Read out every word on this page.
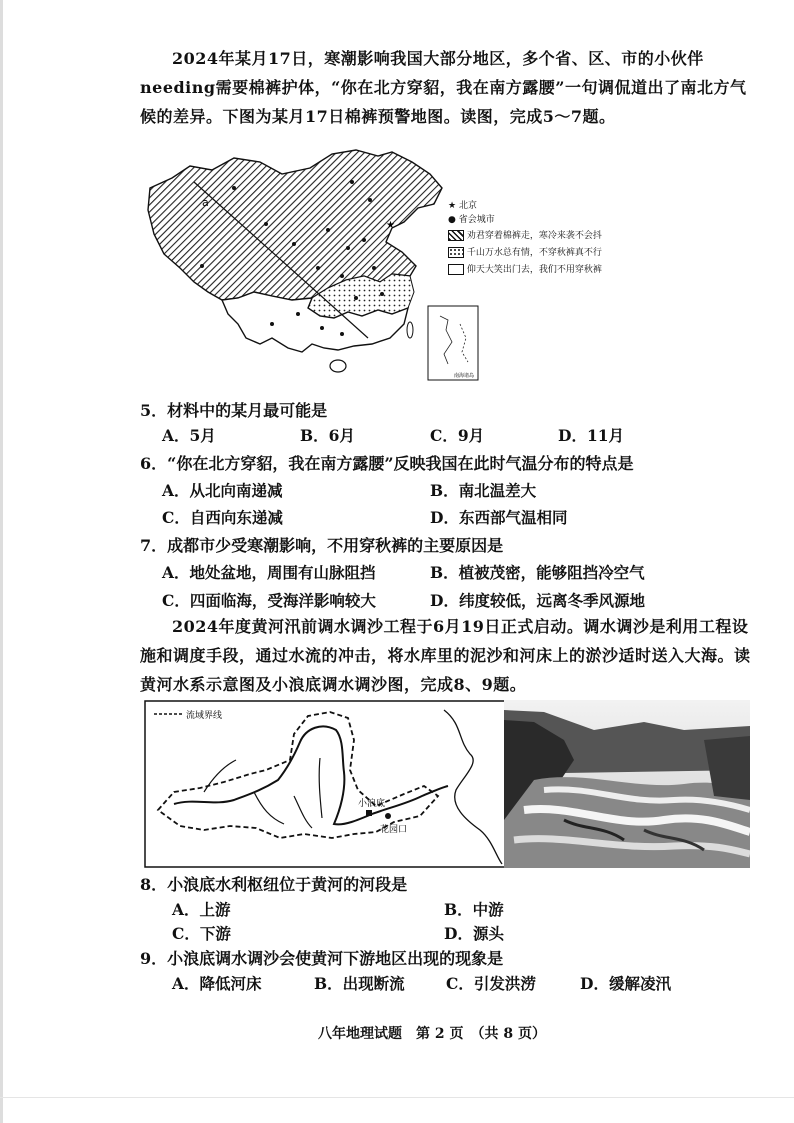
2024年某月17日，寒潮影响我国大部分地区，多个省、区、市的小伙伴needing需要棉裤护体，“你在北方穿貂，我在南方露腰”一句调侃道出了南北方气候的差异。下图为某月17日棉裤预警地图。读图，完成5～7题。
a
★
南海诸岛
★ 北京
● 省会城市
劝君穿着棉裤走，寒冷来袭不会抖
千山万水总有情，不穿秋裤真不行
仰天大笑出门去，我们不用穿秋裤
5．材料中的某月最可能是
A．5月	B．6月	C．9月	D．11月
6．“你在北方穿貂，我在南方露腰”反映我国在此时气温分布的特点是
A．从北向南递减	B．南北温差大
C．自西向东递减	D．东西部气温相同
7．成都市少受寒潮影响，不用穿秋裤的主要原因是
A．地处盆地，周围有山脉阻挡	B．植被茂密，能够阻挡冷空气
C．四面临海，受海洋影响较大	D．纬度较低，远离冬季风源地
2024年度黄河汛前调水调沙工程于6月19日正式启动。调水调沙是利用工程设施和调度手段，通过水流的冲击，将水库里的泥沙和河床上的淤沙适时送入大海。读黄河水系示意图及小浪底调水调沙图，完成8、9题。
流域界线
小浪底
花园口
8．小浪底水利枢纽位于黄河的河段是
A．上游	B．中游
C．下游	D．源头
9．小浪底调水调沙会使黄河下游地区出现的现象是
A．降低河床	B．出现断流	C．引发洪涝	D．缓解凌汛
八年地理试题　第 2 页　（共 8 页）
